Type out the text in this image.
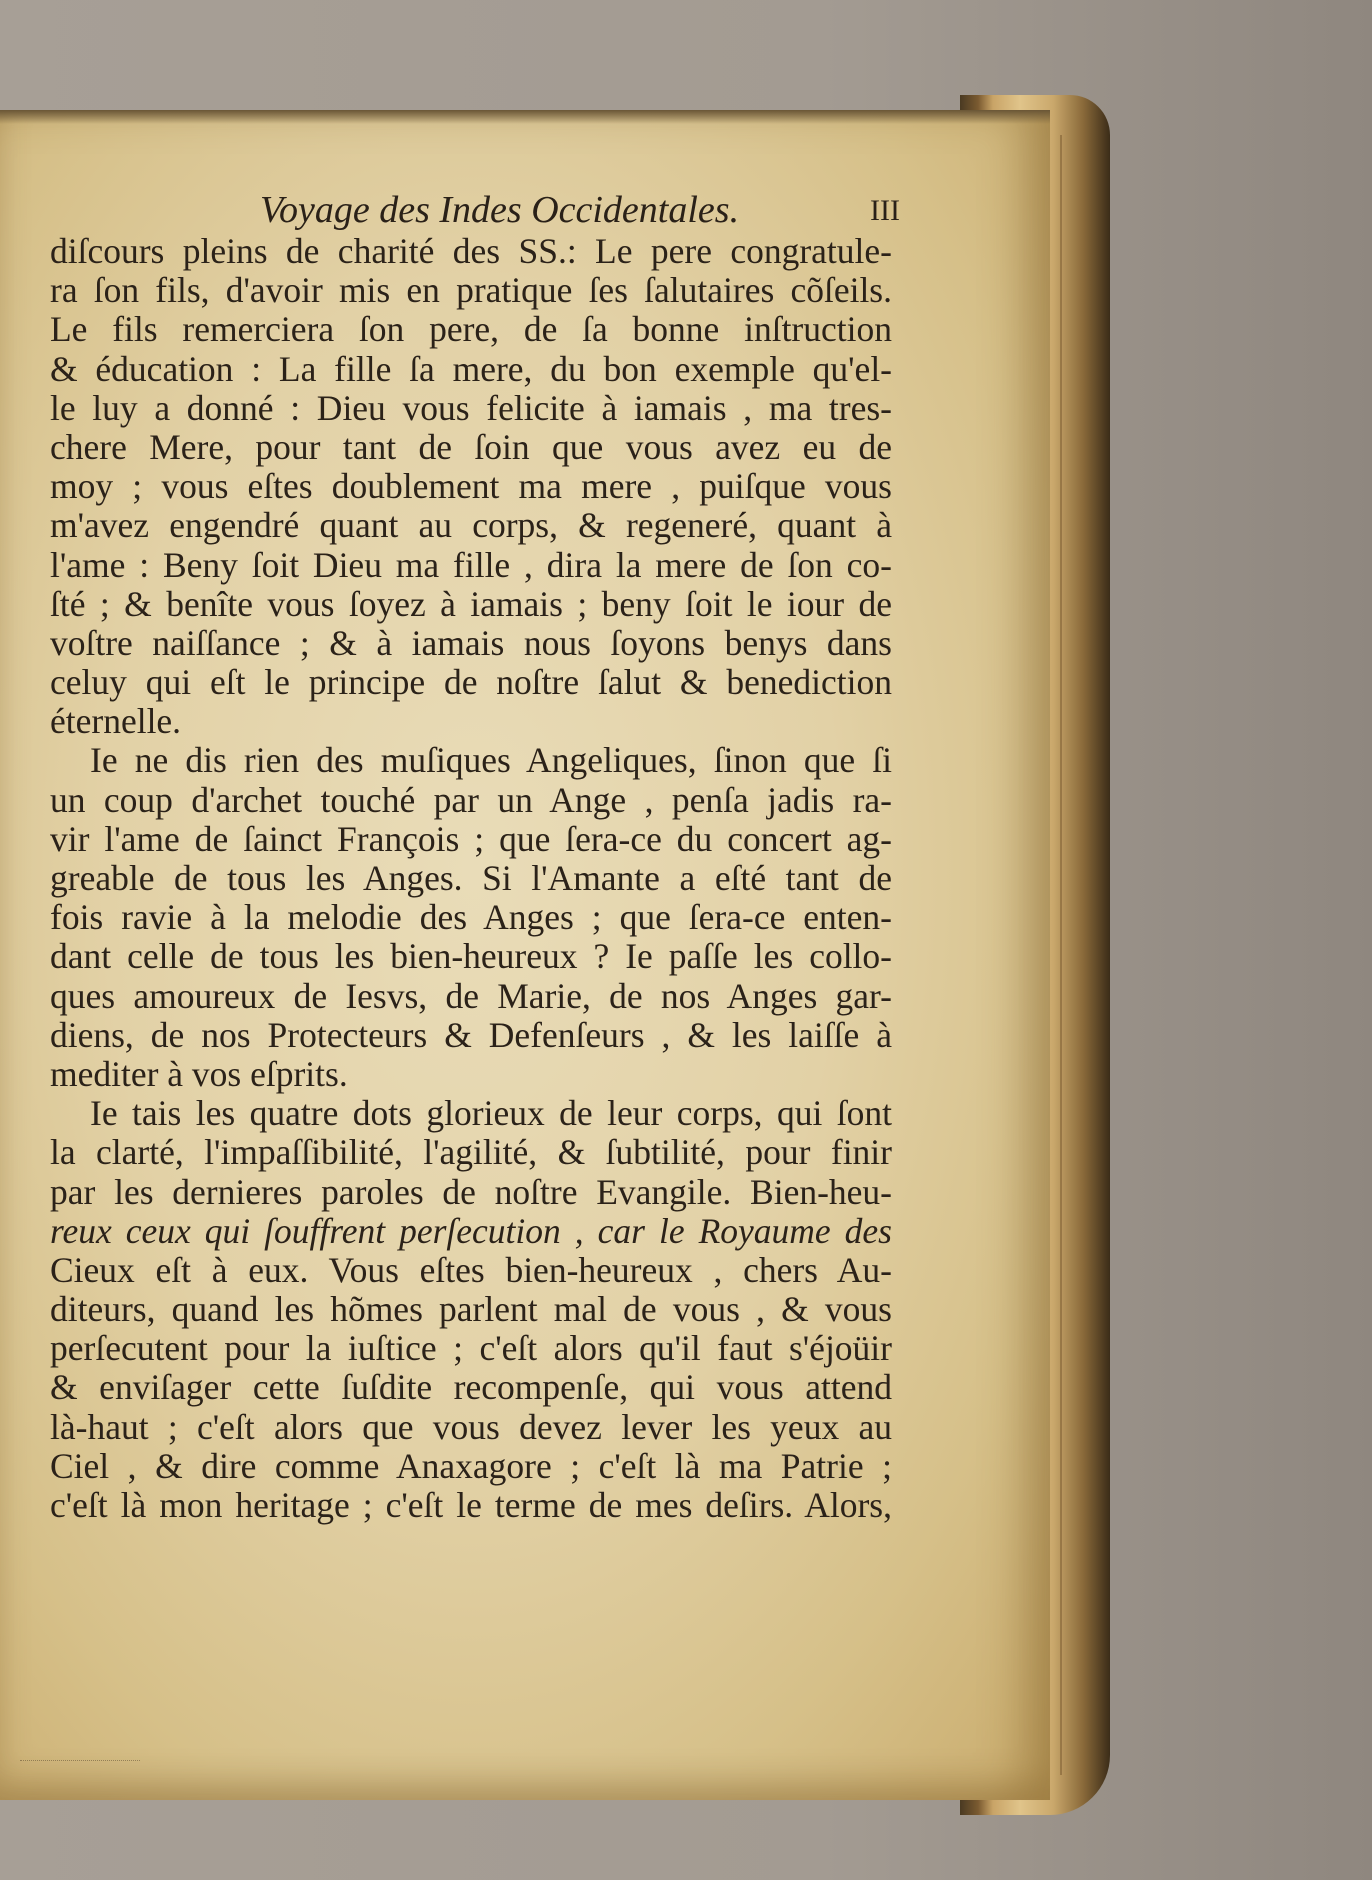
Voyage des Indes Occidentales.	III
diſcours pleins de charité des SS.: Le pere congratule-
ra ſon fils, d'avoir mis en pratique ſes ſalutaires cõſeils.
Le fils remerciera ſon pere, de ſa bonne inſtruction
& éducation : La fille ſa mere, du bon exemple qu'el-
le luy a donné : Dieu vous felicite à iamais , ma tres-
chere Mere, pour tant de ſoin que vous avez eu de
moy ; vous eſtes doublement ma mere , puiſque vous
m'avez engendré quant au corps, & regeneré, quant à
l'ame : Beny ſoit Dieu ma fille , dira la mere de ſon co-
ſté ; & benîte vous ſoyez à iamais ; beny ſoit le iour de
voſtre naiſſance ; & à iamais nous ſoyons benys dans
celuy qui eſt le principe de noſtre ſalut & benediction
éternelle.
Ie ne dis rien des muſiques Angeliques, ſinon que ſi
un coup d'archet touché par un Ange , penſa jadis ra-
vir l'ame de ſainct François ; que ſera-ce du concert ag-
greable de tous les Anges. Si l'Amante a eſté tant de
fois ravie à la melodie des Anges ; que ſera-ce enten-
dant celle de tous les bien-heureux ? Ie paſſe les collo-
ques amoureux de Iesvs, de Marie, de nos Anges gar-
diens, de nos Protecteurs & Defenſeurs , & les laiſſe à
mediter à vos eſprits.
Ie tais les quatre dots glorieux de leur corps, qui ſont
la clarté, l'impaſſibilité, l'agilité, & ſubtilité, pour finir
par les dernieres paroles de noſtre Evangile. Bien-heu-
reux ceux qui ſouffrent perſecution , car le Royaume des
Cieux eſt à eux. Vous eſtes bien-heureux , chers Au-
diteurs, quand les hõmes parlent mal de vous , & vous
perſecutent pour la iuſtice ; c'eſt alors qu'il faut s'éjoüir
& enviſager cette ſuſdite recompenſe, qui vous attend
là-haut ; c'eſt alors que vous devez lever les yeux au
Ciel , & dire comme Anaxagore ; c'eſt là ma Patrie ;
c'eſt là mon heritage ; c'eſt le terme de mes deſirs. Alors,
